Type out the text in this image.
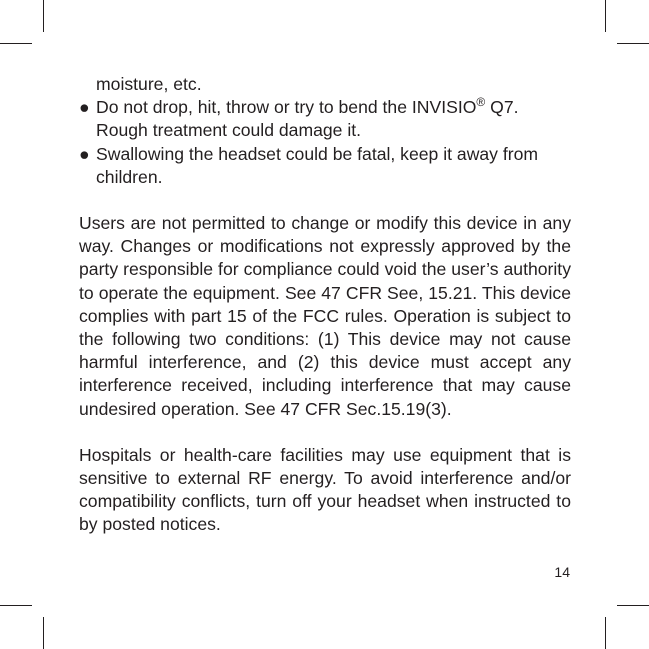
moisture, etc.
● Do not drop, hit, throw or try to bend the INVISIO® Q7. Rough treatment could damage it.
● Swallowing the headset could be fatal, keep it away from children.

Users are not permitted to change or modify this device in any way. Changes or modifications not expressly approved by the party responsible for compliance could void the user’s authority to operate the equipment. See 47 CFR See, 15.21. This device complies with part 15 of the FCC rules. Operation is subject to the following two conditions: (1) This device may not cause harmful interference, and (2) this device must accept any interference received, including interference that may cause undesired operation. See 47 CFR Sec.15.19(3).

Hospitals or health-care facilities may use equipment that is sensitive to external RF energy. To avoid interference and/or compatibility conflicts, turn off your headset when instructed to by posted notices.

14
